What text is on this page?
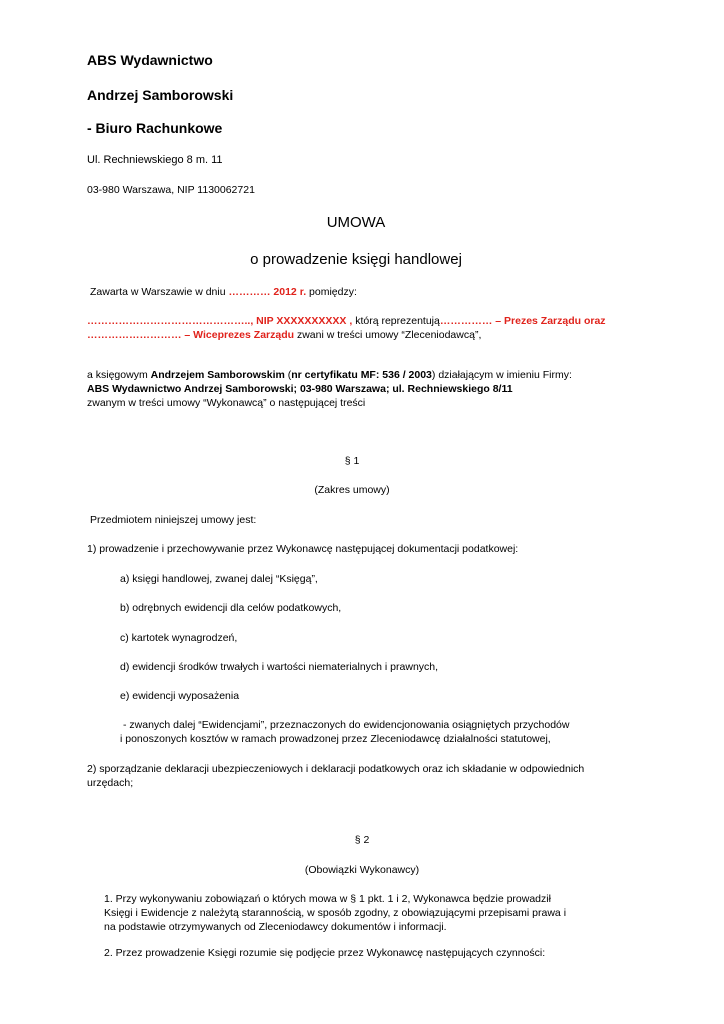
ABS Wydawnictwo
Andrzej Samborowski
- Biuro Rachunkowe
Ul. Rechniewskiego 8 m. 11
03-980 Warszawa, NIP 1130062721
UMOWA
o prowadzenie księgi handlowej
Zawarta w Warszawie w dniu ………… 2012 r. pomiędzy:
……………………………………….., NIP XXXXXXXXXX , którą reprezentują…………… – Prezes Zarządu oraz
……………………… – Wiceprezes Zarządu zwani w treści umowy “Zleceniodawcą”,
a księgowym Andrzejem Samborowskim (nr certyfikatu MF: 536 / 2003) działającym w imieniu Firmy:
ABS Wydawnictwo Andrzej Samborowski; 03-980 Warszawa; ul. Rechniewskiego 8/11
zwanym w treści umowy “Wykonawcą” o następującej treści
§ 1
(Zakres umowy)
Przedmiotem niniejszej umowy jest:
1) prowadzenie i przechowywanie przez Wykonawcę następującej dokumentacji podatkowej:
a) księgi handlowej, zwanej dalej “Księgą”,
b) odrębnych ewidencji dla celów podatkowych,
c) kartotek wynagrodzeń,
d) ewidencji środków trwałych i wartości niematerialnych i prawnych,
e) ewidencji wyposażenia
- zwanych dalej “Ewidencjami”, przeznaczonych do ewidencjonowania osiągniętych przychodów
i ponoszonych kosztów w ramach prowadzonej przez Zleceniodawcę działalności statutowej,
2) sporządzanie deklaracji ubezpieczeniowych i deklaracji podatkowych oraz ich składanie w odpowiednich
urzędach;
§ 2
(Obowiązki Wykonawcy)
1. Przy wykonywaniu zobowiązań o których mowa w § 1 pkt. 1 i 2, Wykonawca będzie prowadził
Księgi i Ewidencje z należytą starannością, w sposób zgodny, z obowiązującymi przepisami prawa i
na podstawie otrzymywanych od Zleceniodawcy dokumentów i informacji.
2. Przez prowadzenie Księgi rozumie się podjęcie przez Wykonawcę następujących czynności:
